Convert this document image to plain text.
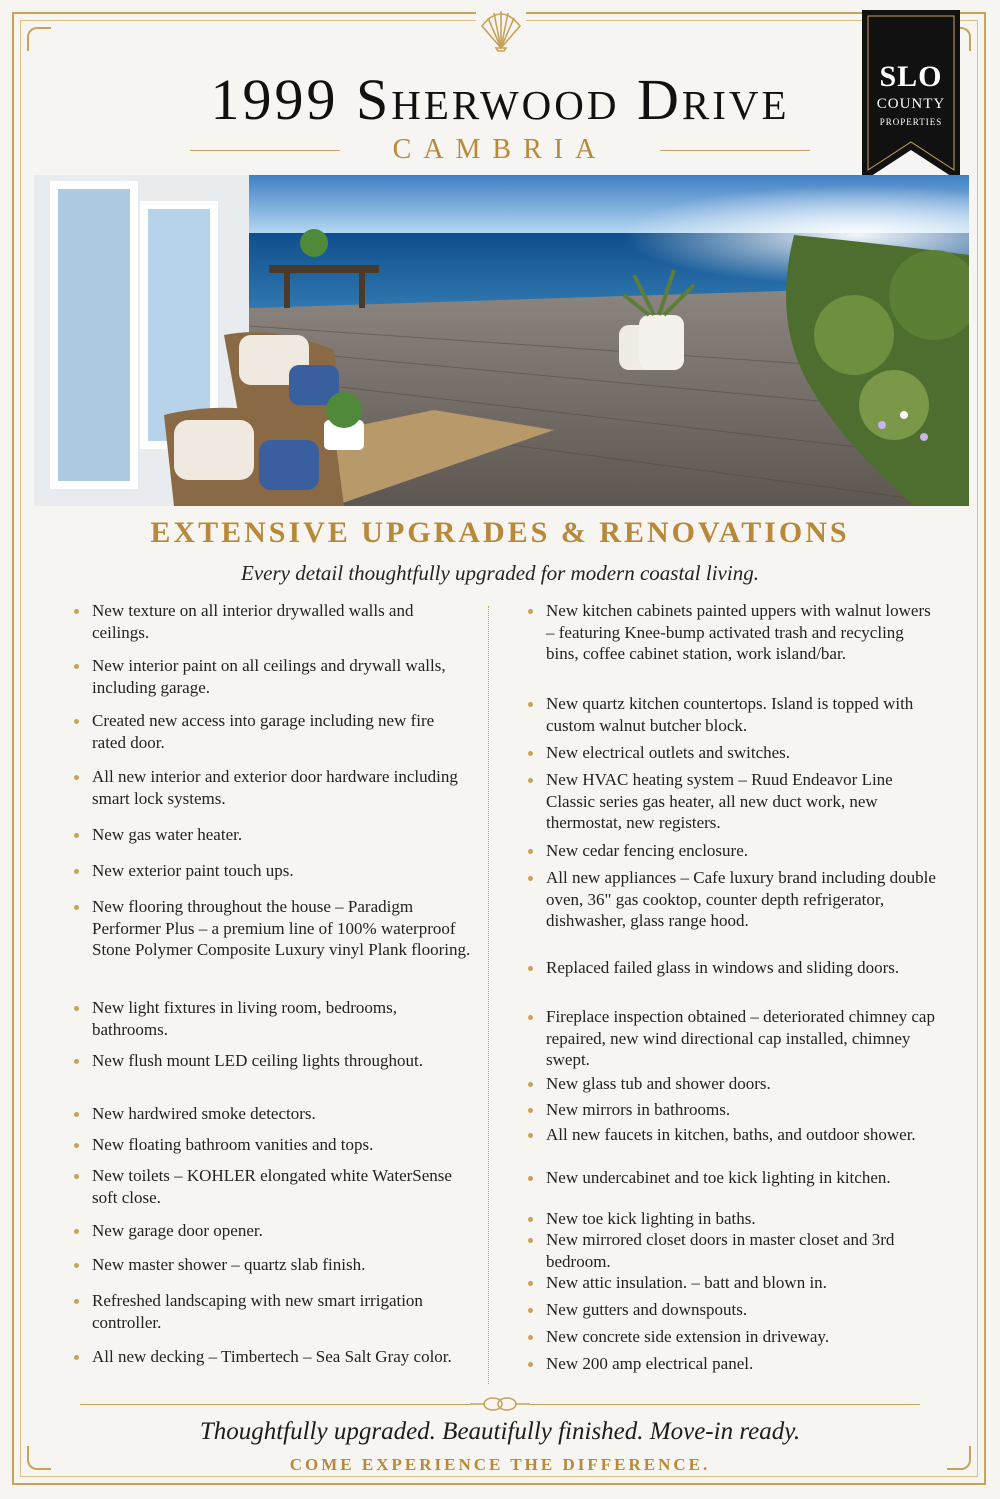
1999 Sherwood Drive
CAMBRIA
SLO
COUNTY
PROPERTIES
EXTENSIVE UPGRADES & RENOVATIONS
Every detail thoughtfully upgraded for modern coastal living.
New texture on all interior drywalled walls and ceilings.
New interior paint on all ceilings and drywall walls, including garage.
Created new access into garage including new fire rated door.
All new interior and exterior door hardware including smart lock systems.
New gas water heater.
New exterior paint touch ups.
New flooring throughout the house – Paradigm Performer Plus – a premium line of 100% waterproof Stone Polymer Composite Luxury vinyl Plank flooring.
New light fixtures in living room, bedrooms, bathrooms.
New flush mount LED ceiling lights throughout.
New hardwired smoke detectors.
New floating bathroom vanities and tops.
New toilets – KOHLER elongated white WaterSense soft close.
New garage door opener.
New master shower – quartz slab finish.
Refreshed landscaping with new smart irrigation controller.
All new decking – Timbertech – Sea Salt Gray color.
New kitchen cabinets painted uppers with walnut lowers – featuring Knee-bump activated trash and recycling bins, coffee cabinet station, work island/bar.
New quartz kitchen countertops. Island is topped with custom walnut butcher block.
New electrical outlets and switches.
New HVAC heating system – Ruud Endeavor Line Classic series gas heater, all new duct work, new thermostat, new registers.
New cedar fencing enclosure.
All new appliances – Cafe luxury brand including double oven, 36" gas cooktop, counter depth refrigerator, dishwasher, glass range hood.
Replaced failed glass in windows and sliding doors.
Fireplace inspection obtained – deteriorated chimney cap repaired, new wind directional cap installed, chimney swept.
New glass tub and shower doors.
New mirrors in bathrooms.
All new faucets in kitchen, baths, and outdoor shower.
New undercabinet and toe kick lighting in kitchen.
New toe kick lighting in baths.
New mirrored closet doors in master closet and 3rd bedroom.
New attic insulation. – batt and blown in.
New gutters and downspouts.
New concrete side extension in driveway.
New 200 amp electrical panel.
Thoughtfully upgraded. Beautifully finished. Move-in ready.
COME EXPERIENCE THE DIFFERENCE.
